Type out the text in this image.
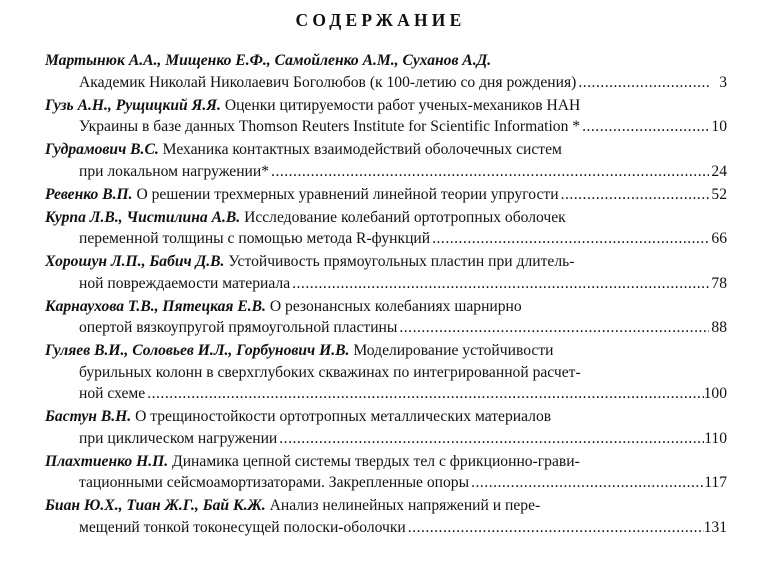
СОДЕРЖАНИЕ
Мартынюк А.А., Мищенко Е.Ф., Самойленко А.М., Суханов А.Д.
Академик Николай Николаевич Боголюбов (к 100-летию со дня рождения) .....	3
Гузь А.Н., Рущицкий Я.Я. Оценки цитируемости работ ученых-механиков НАН
Украины в базе данных Thomson Reuters Institute for Scientific Information * .....	10
Гудрамович В.С. Механика контактных взаимодействий оболочечных систем
при локальном нагружении* .....	24
Ревенко В.П. О решении трехмерных уравнений линейной теории упругости .....	52
Курпа Л.В., Чистилина А.В. Исследование колебаний ортотропных оболочек
переменной толщины с помощью метода R-функций .....	66
Хорошун Л.П., Бабич Д.В. Устойчивость прямоугольных пластин при длитель-
ной повреждаемости материала .....	78
Карнаухова Т.В., Пятецкая Е.В. О резонансных колебаниях шарнирно
опертой вязкоупругой прямоугольной пластины .....	88
Гуляев В.И., Соловьев И.Л., Горбунович И.В. Моделирование устойчивости
бурильных колонн в сверхглубоких скважинах по интегрированной расчет-
ной схеме .....	100
Бастун В.Н. О трещиностойкости ортотропных металлических материалов
при циклическом нагружении .....	110
Плахтиенко Н.П. Динамика цепной системы твердых тел с фрикционно-грави-
тационными сейсмоамортизаторами. Закрепленные опоры .....	117
Биан Ю.Х., Тиан Ж.Г., Бай К.Ж. Анализ нелинейных напряжений и пере-
мещений тонкой токонесущей полоски-оболочки .....	131
